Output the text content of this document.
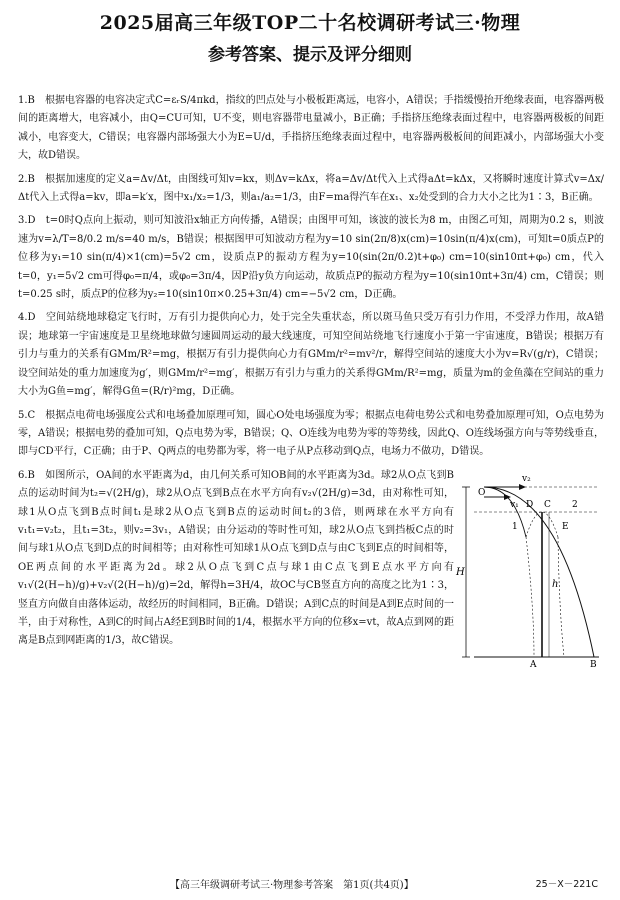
2025届高三年级TOP二十名校调研考试三·物理
参考答案、提示及评分细则
1.B　根据电容器的电容决定式C=εᵣS/4πkd，指纹的凹点处与小极板距离远，电容小，A错误；手指缓慢抬开绝缘表面，电容器两极间的距离增大，电容减小，由Q=CU可知，U不变，则电容器带电量减小，B正确；手指挤压绝缘表面过程中，电容器两极板的间距减小，电容变大，C错误；电容器内部场强大小为E=U/d，手指挤压绝缘表面过程中，电容器两极板间的间距减小，内部场强大小变大，故D错误。
2.B　根据加速度的定义a=Δv/Δt，由图线可知v=kx，则Δv=kΔx，将a=Δv/Δt代入上式得aΔt=kΔx，又将瞬时速度计算式v=Δx/Δt代入上式得a=kv，即a=k′x，图中x₁/x₂=1/3，则a₁/a₂=1/3，由F=ma得汽车在x₁、x₂处受到的合力大小之比为1∶3，B正确。
3.D　t=0时Q点向上振动，则可知波沿x轴正方向传播，A错误；由图甲可知，该波的波长为8 m，由图乙可知，周期为0.2 s，则波速为v=λ/T=8/0.2 m/s=40 m/s，B错误；根据图甲可知波动方程为y=10 sin(2π/8)x(cm)=10sin(π/4)x(cm)，可知t=0质点P的位移为y₁=10 sin(π/4)×1(cm)=5√2 cm，设质点P的振动方程为y=10(sin(2π/0.2)t+φ₀) cm=10(sin10πt+φ₀) cm，代入t=0，y₁=5√2 cm可得φ₀=π/4，或φ₀=3π/4，因P沿y负方向运动，故质点P的振动方程为y=10(sin10πt+3π/4) cm，C错误；则t=0.25 s时，质点P的位移为y₂=10(sin10π×0.25+3π/4) cm=−5√2 cm，D正确。
4.D　空间站绕地球稳定飞行时，万有引力提供向心力，处于完全失重状态，所以斑马鱼只受万有引力作用，不受浮力作用，故A错误；地球第一宇宙速度是卫星绕地球做匀速圆周运动的最大线速度，可知空间站绕地飞行速度小于第一宇宙速度，B错误；根据万有引力与重力的关系有GMm/R²=mg，根据万有引力提供向心力有GMm/r²=mv²/r，解得空间站的速度大小为v=R√(g/r)，C错误；设空间站处的重力加速度为g′，则GMm/r²=mg′，根据万有引力与重力的关系得GMm/R²=mg，质量为m的金鱼藻在空间站的重力大小为G鱼=mg′，解得G鱼=(R/r)²mg，D正确。
5.C　根据点电荷电场强度公式和电场叠加原理可知，圆心O处电场强度为零；根据点电荷电势公式和电势叠加原理可知，O点电势为零，A错误；根据电势的叠加可知，Q点电势为零，B错误；Q、O连线为电势为零的等势线，因此Q、O连线场强方向与等势线垂直，即与CD平行，C正确；由于P、Q两点的电势都为零，将一电子从P点移动到Q点，电场力不做功，D错误。
H
v₂
v₁
O
h
C
D
E
2
1
A	B
6.B　如图所示，OA间的水平距离为d，由几何关系可知OB间的水平距离为3d。球2从O点飞到B点的运动时间为t₂=√(2H/g)，球2从O点飞到B点在水平方向有v₂√(2H/g)=3d，由对称性可知，球1从O点飞到B点时间t₁是球2从O点飞到B点的运动时间t₂的3倍，则两球在水平方向有v₁t₁=v₂t₂，且t₁=3t₂，则v₂=3v₁，A错误；由分运动的等时性可知，球2从O点飞到挡板C点的时间与球1从O点飞到D点的时间相等；由对称性可知球1从O点飞到D点与由C飞到E点的时间相等，OE两点间的水平距离为2d。球2从O点飞到C点与球1由C点飞到E点水平方向有v₁√(2(H−h)/g)+v₂√(2(H−h)/g)=2d，解得h=3H/4，故OC与CB竖直方向的高度之比为1∶3，竖直方向做自由落体运动，故经历的时间相同，B正确。D错误；A到C点的时间是A到E点时间的一半，由于对称性，A到C的时间占A经E到B时间的1/4，根据水平方向的位移x=vt，故A点到网的距离是B点到网距离的1/3，故C错误。
【高三年级调研考试三·物理参考答案　第1页(共4页)】	25－X－221C
